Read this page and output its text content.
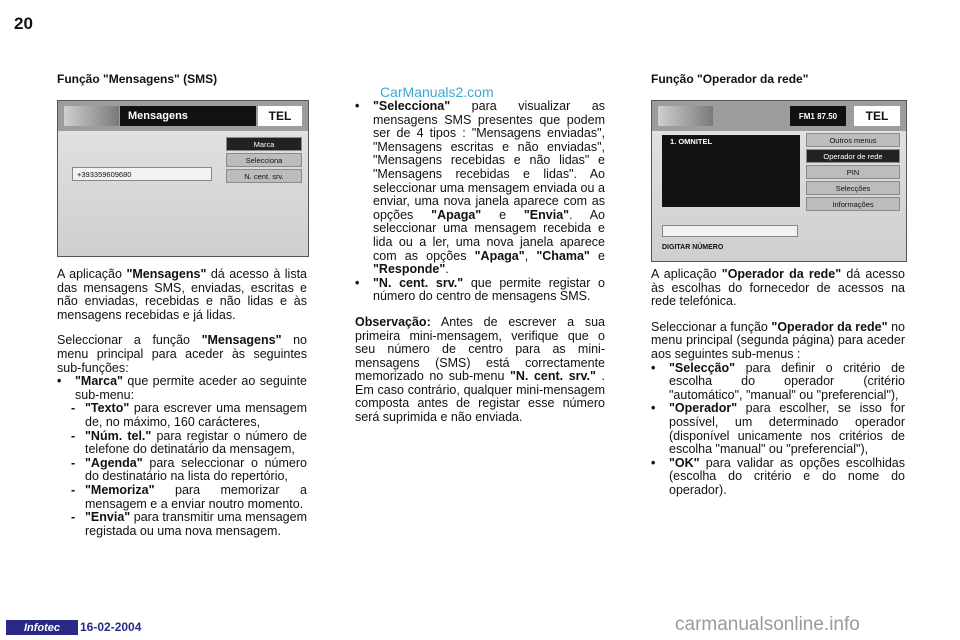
20
CarManuals2.com
Função "Mensagens" (SMS)
Mensagens	TEL
Marca
Selecciona
N. cent. srv.
+393359609680

A aplicação "Mensagens" dá acesso à lista das mensagens SMS, enviadas, escritas e não enviadas, recebidas e não lidas e às mensagens recebidas e já lidas.

Seleccionar a função "Mensagens" no menu principal para aceder às seguintes sub-funções:

•	"Marca" que permite aceder ao seguinte sub-menu:
- "Texto" para escrever uma mensagem de, no máximo, 160 carácteres,
- "Núm. tel." para registar o número de telefone do detinatário da mensagem,
- "Agenda" para seleccionar o número do destinatário na lista do repertório,
- "Memoriza" para memorizar a mensagem e a enviar noutro momento.
- "Envia" para transmitir uma mensagem registada ou uma nova mensagem.
•	"Selecciona" para visualizar as mensagens SMS presentes que podem ser de 4 tipos : "Mensagens enviadas", "Mensagens escritas e não enviadas", "Mensagens recebidas e não lidas" e "Mensagens recebidas e lidas". Ao seleccionar uma mensagem enviada ou a enviar, uma nova janela aparece com as opções "Apaga" e "Envia". Ao seleccionar uma mensagem recebida e lida ou a ler, uma nova janela aparece com as opções "Apaga", "Chama" e "Responde".
•	"N. cent. srv." que permite registar o número do centro de mensagens SMS.

Observação: Antes de escrever a sua primeira mini-mensagem, verifique que o seu número de centro para as mini-mensagens (SMS) está correctamente memorizado no sub-menu "N. cent. srv." . Em caso contrário, qualquer mini-mensagem composta antes de registar esse número será suprimida e não enviada.

Função "Operador da rede"
FM1 87.50	TEL
1. OMNITEL	Outros menus
Operador de rede
PIN
Selecções
Informações
DIGITAR NÚMERO

A aplicação "Operador da rede" dá acesso às escolhas do fornecedor de acessos na rede telefónica.

Seleccionar a função "Operador da rede" no menu principal (segunda página) para aceder aos seguintes sub-menus :

•	"Selecção" para definir o critério de escolha do operador (critério "automático", "manual" ou "preferencial"),
•	"Operador" para escolher, se isso for possível, um determinado operador (disponível unicamente nos critérios de escolha "manual" ou "preferencial"),
•	"OK" para validar as opções escolhidas (escolha do critério e do nome do operador).
Infotec	16-02-2004	carmanualsonline.info
